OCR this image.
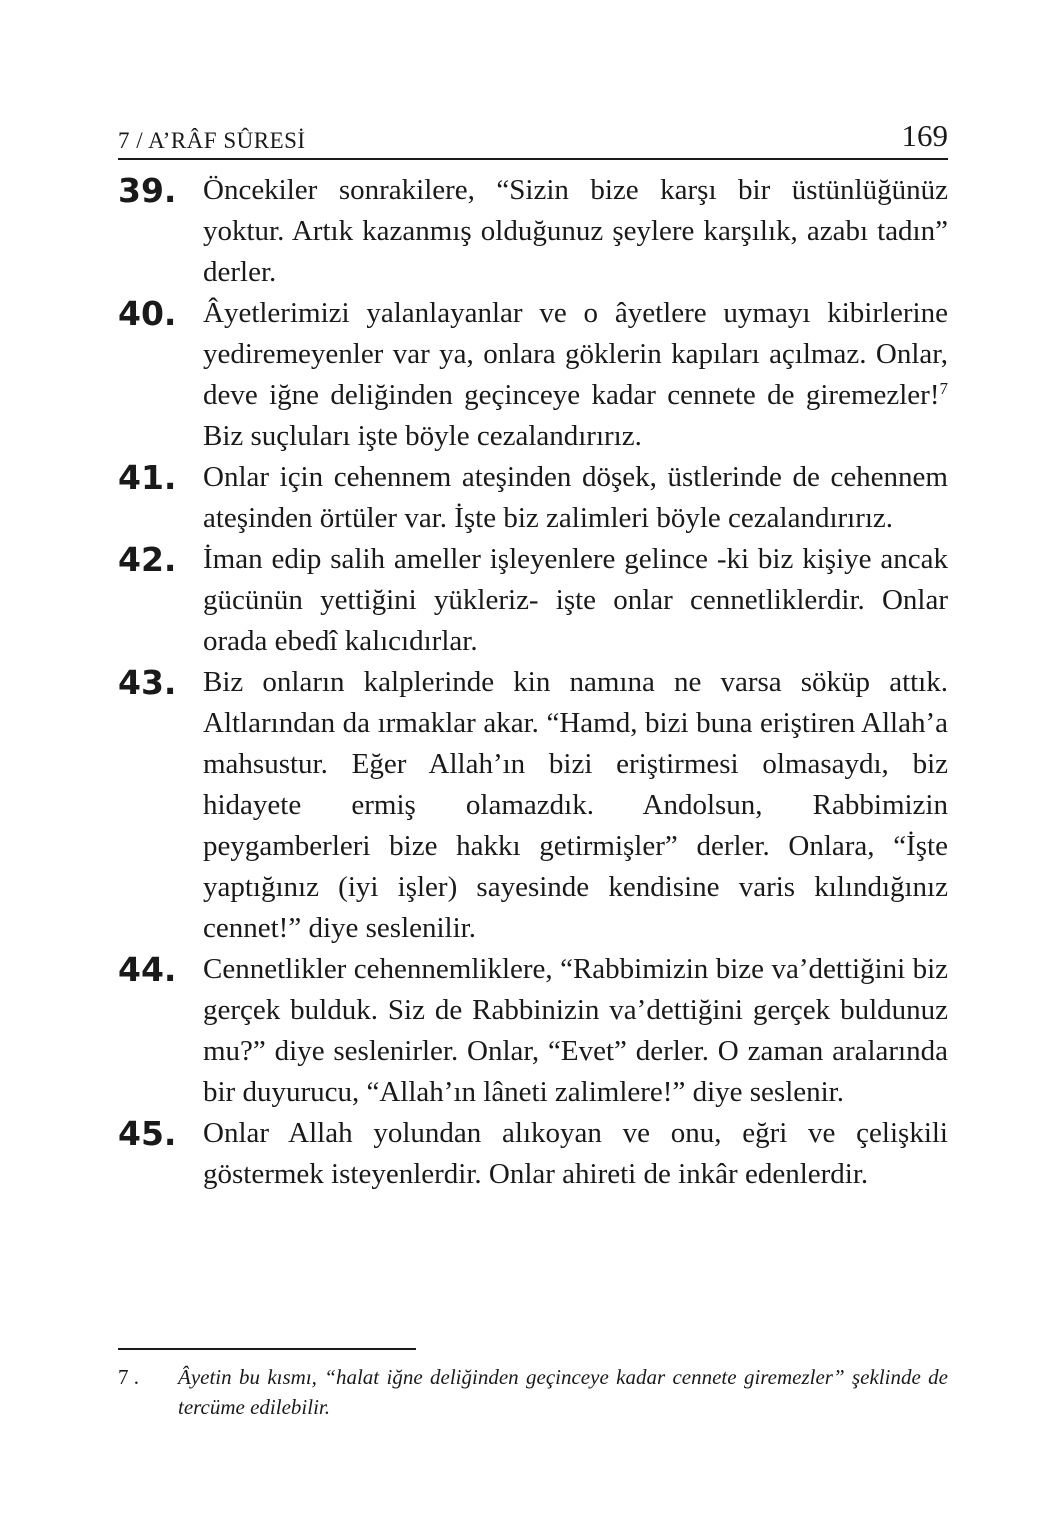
7 / A’RÂF SÛRESİ	169
39. Öncekiler sonrakilere, “Sizin bize karşı bir üstünlüğünüz yoktur. Artık kazanmış olduğunuz şeylere karşılık, azabı tadın” derler.
40. Âyetlerimizi yalanlayanlar ve o âyetlere uymayı kibirlerine yediremeyenler var ya, onlara göklerin kapıları açılmaz. Onlar, deve iğne deliğinden geçinceye kadar cennete de giremezler!$^7$ Biz suçluları işte böyle cezalandırırız.
41. Onlar için cehennem ateşinden döşek, üstlerinde de cehennem ateşinden örtüler var. İşte biz zalimleri böyle cezalandırırız.
42. İman edip salih ameller işleyenlere gelince -ki biz kişiye ancak gücünün yettiğini yükleriz- işte onlar cennetliklerdir. Onlar orada ebedî kalıcıdırlar.
43. Biz onların kalplerinde kin namına ne varsa söküp attık. Altlarından da ırmaklar akar. “Hamd, bizi buna eriştiren Allah’a mahsustur. Eğer Allah’ın bizi eriştirmesi olmasaydı, biz hidayete ermiş olamazdık. Andolsun, Rabbimizin peygamberleri bize hakkı getirmişler” derler. Onlara, “İşte yaptığınız (iyi işler) sayesinde kendisine varis kılındığınız cennet!” diye seslenilir.
44. Cennetlikler cehennemliklere, “Rabbimizin bize va’dettiğini biz gerçek bulduk. Siz de Rabbinizin va’dettiğini gerçek buldunuz mu?” diye seslenirler. Onlar, “Evet” derler. O zaman aralarında bir duyurucu, “Allah’ın lâneti zalimlere!” diye seslenir.
45. Onlar Allah yolundan alıkoyan ve onu, eğri ve çelişkili göstermek isteyenlerdir. Onlar ahireti de inkâr edenlerdir.
7 .	Âyetin bu kısmı, “halat iğne deliğinden geçinceye kadar cennete giremezler” şeklinde de tercüme edilebilir.
